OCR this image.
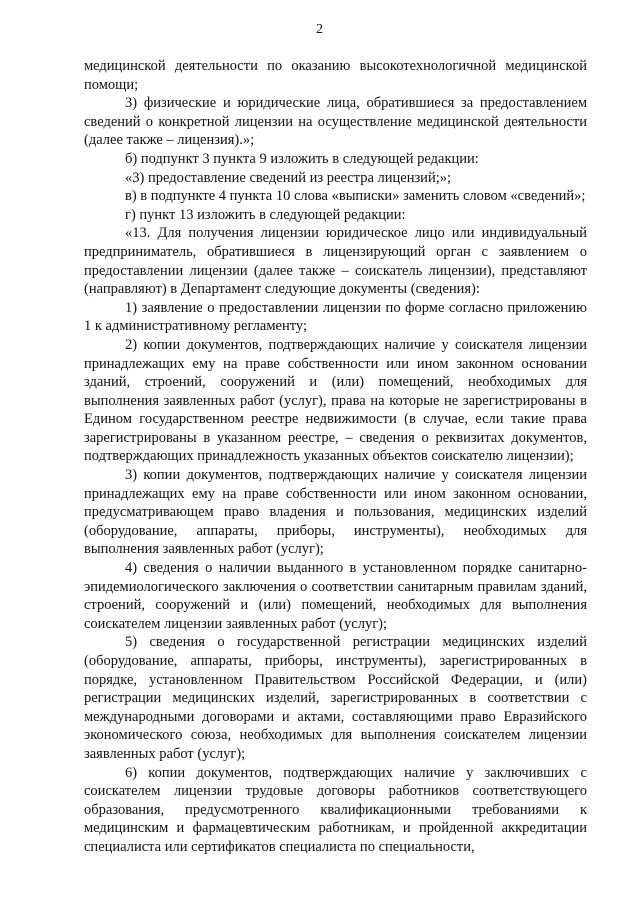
2

медицинской деятельности по оказанию высокотехнологичной медицинской помощи;

3) физические и юридические лица, обратившиеся за предоставлением сведений о конкретной лицензии на осуществление медицинской деятельности (далее также – лицензия).»;

б) подпункт 3 пункта 9 изложить в следующей редакции:

«3) предоставление сведений из реестра лицензий;»;

в) в подпункте 4 пункта 10 слова «выписки» заменить словом «сведений»;

г) пункт 13 изложить в следующей редакции:

«13. Для получения лицензии юридическое лицо или индивидуальный предприниматель, обратившиеся в лицензирующий орган с заявлением о предоставлении лицензии (далее также – соискатель лицензии), представляют (направляют) в Департамент следующие документы (сведения):

1) заявление о предоставлении лицензии по форме согласно приложению 1 к административному регламенту;

2) копии документов, подтверждающих наличие у соискателя лицензии принадлежащих ему на праве собственности или ином законном основании зданий, строений, сооружений и (или) помещений, необходимых для выполнения заявленных работ (услуг), права на которые не зарегистрированы в Едином государственном реестре недвижимости (в случае, если такие права зарегистрированы в указанном реестре, – сведения о реквизитах документов, подтверждающих принадлежность указанных объектов соискателю лицензии);

3) копии документов, подтверждающих наличие у соискателя лицензии принадлежащих ему на праве собственности или ином законном основании, предусматривающем право владения и пользования, медицинских изделий (оборудование, аппараты, приборы, инструменты), необходимых для выполнения заявленных работ (услуг);

4) сведения о наличии выданного в установленном порядке санитарно-эпидемиологического заключения о соответствии санитарным правилам зданий, строений, сооружений и (или) помещений, необходимых для выполнения соискателем лицензии заявленных работ (услуг);

5) сведения о государственной регистрации медицинских изделий (оборудование, аппараты, приборы, инструменты), зарегистрированных в порядке, установленном Правительством Российской Федерации, и (или) регистрации медицинских изделий, зарегистрированных в соответствии с международными договорами и актами, составляющими право Евразийского экономического союза, необходимых для выполнения соискателем лицензии заявленных работ (услуг);

6) копии документов, подтверждающих наличие у заключивших с соискателем лицензии трудовые договоры работников соответствующего образования, предусмотренного квалификационными требованиями к медицинским и фармацевтическим работникам, и пройденной аккредитации специалиста или сертификатов специалиста по специальности,
